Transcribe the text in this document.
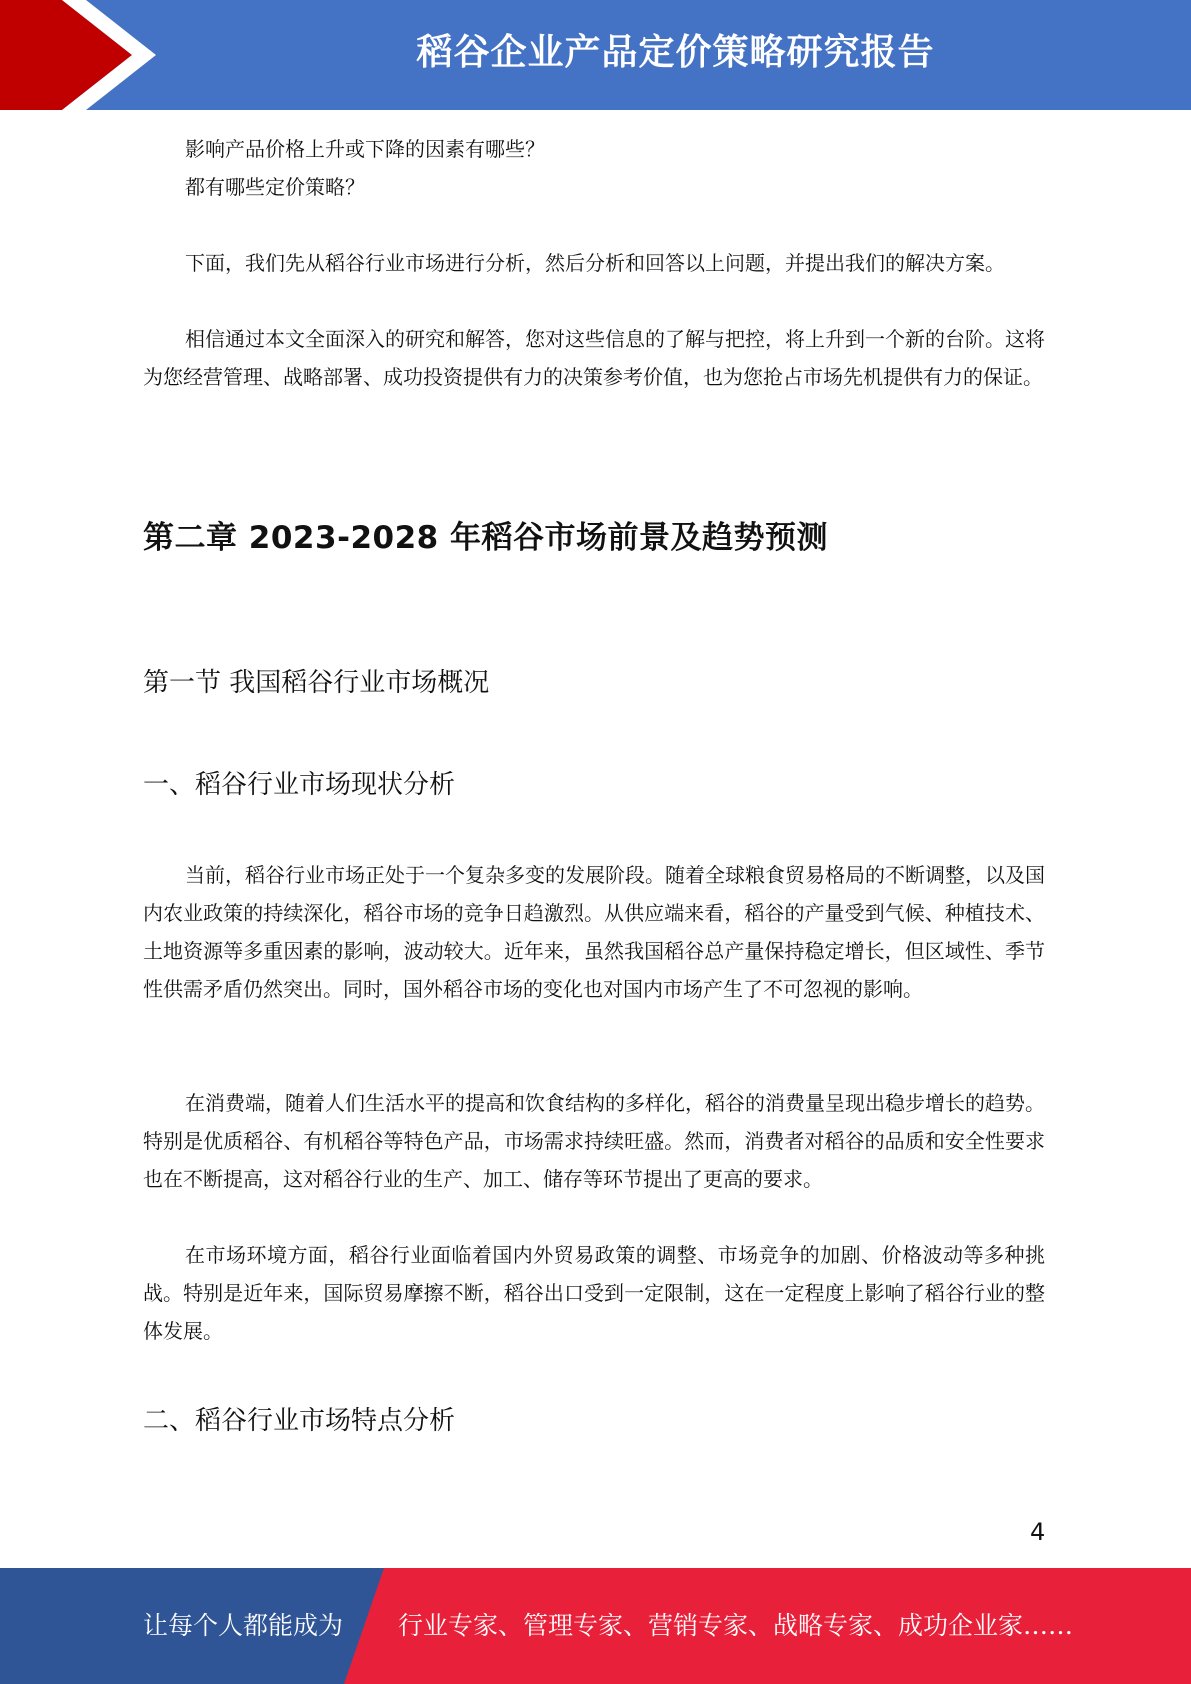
稻谷企业产品定价策略研究报告

影响产品价格上升或下降的因素有哪些？

都有哪些定价策略？

下面，我们先从稻谷行业市场进行分析，然后分析和回答以上问题，并提出我们的解决方案。

相信通过本文全面深入的研究和解答，您对这些信息的了解与把控，将上升到一个新的台阶。这将为您经营管理、战略部署、成功投资提供有力的决策参考价值，也为您抢占市场先机提供有力的保证。

第二章 2023-2028 年稻谷市场前景及趋势预测
第一节 我国稻谷行业市场概况
一、稻谷行业市场现状分析

当前，稻谷行业市场正处于一个复杂多变的发展阶段。随着全球粮食贸易格局的不断调整，以及国内农业政策的持续深化，稻谷市场的竞争日趋激烈。从供应端来看，稻谷的产量受到气候、种植技术、土地资源等多重因素的影响，波动较大。近年来，虽然我国稻谷总产量保持稳定增长，但区域性、季节性供需矛盾仍然突出。同时，国外稻谷市场的变化也对国内市场产生了不可忽视的影响。

在消费端，随着人们生活水平的提高和饮食结构的多样化，稻谷的消费量呈现出稳步增长的趋势。特别是优质稻谷、有机稻谷等特色产品，市场需求持续旺盛。然而，消费者对稻谷的品质和安全性要求也在不断提高，这对稻谷行业的生产、加工、储存等环节提出了更高的要求。

在市场环境方面，稻谷行业面临着国内外贸易政策的调整、市场竞争的加剧、价格波动等多种挑战。特别是近年来，国际贸易摩擦不断，稻谷出口受到一定限制，这在一定程度上影响了稻谷行业的整体发展。

二、稻谷行业市场特点分析
4
让每个人都能成为 行业专家、管理专家、营销专家、战略专家、成功企业家……
